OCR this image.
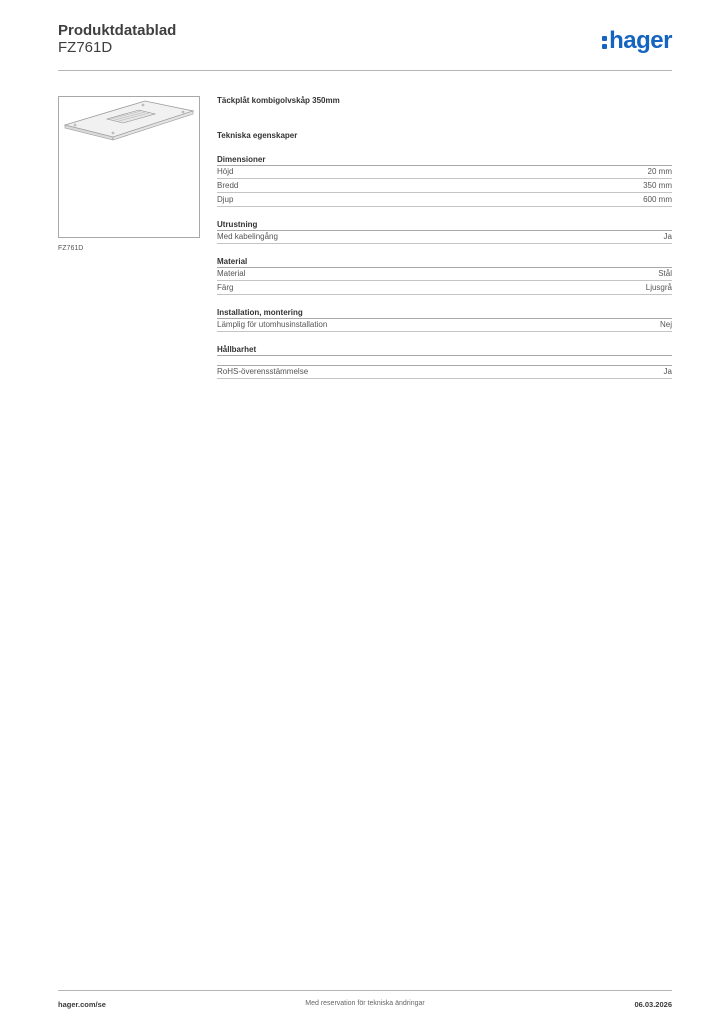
Produktdatablad
FZ761D	hager
FZ761D
Täckplåt kombigolvskåp 350mm
Tekniska egenskaper
Dimensioner
Höjd	20 mm
Bredd	350 mm
Djup	600 mm
Utrustning
Med kabelingång	Ja
Material
Material	Stål
Färg	Ljusgrå
Installation, montering
Lämplig för utomhusinstallation	Nej
Hållbarhet
RoHS-överensstämmelse	Ja
hager.com/se	Med reservation för tekniska ändringar	06.03.2026
